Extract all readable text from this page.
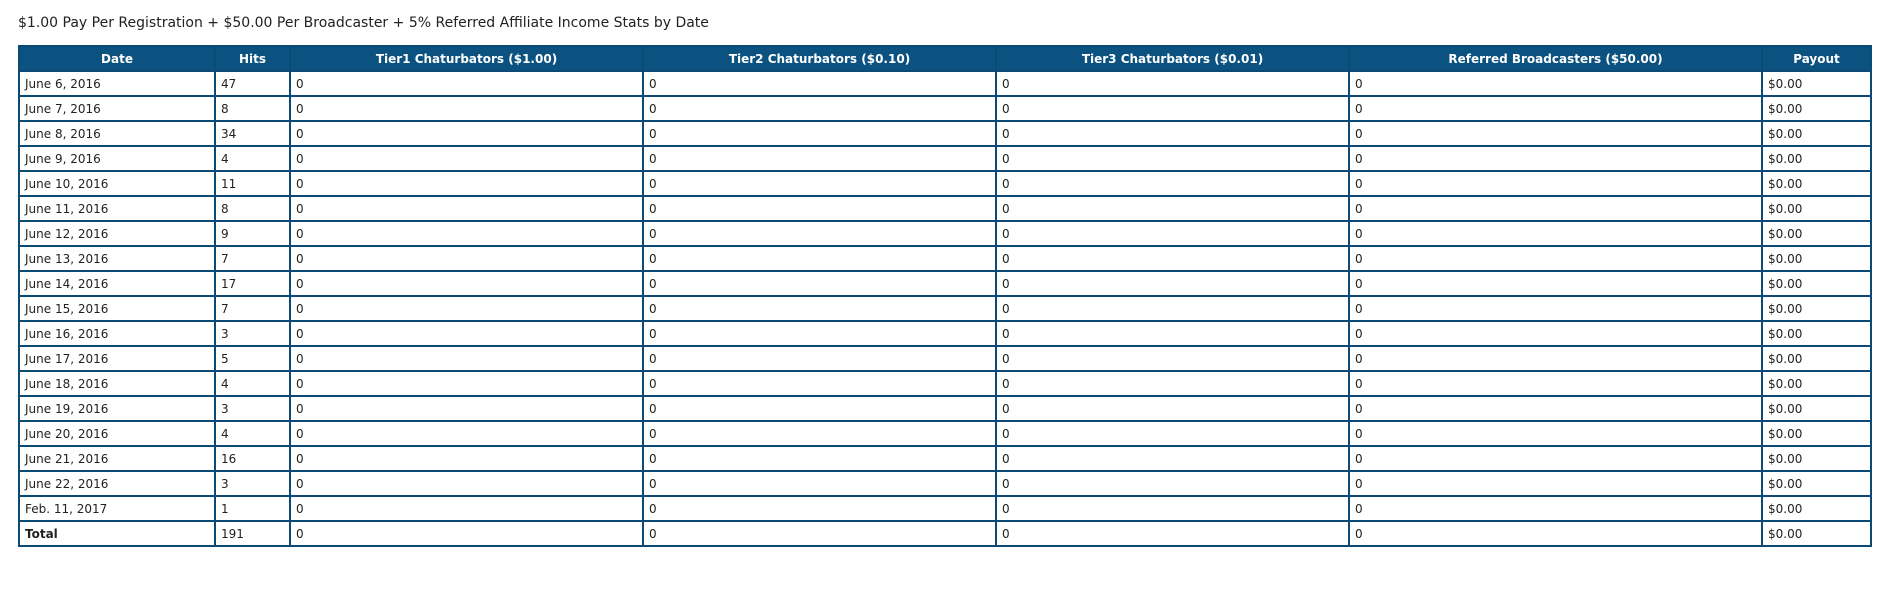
$1.00 Pay Per Registration + $50.00 Per Broadcaster + 5% Referred Affiliate Income Stats by Date
Date	Hits	Tier1 Chaturbators ($1.00)	Tier2 Chaturbators ($0.10)	Tier3 Chaturbators ($0.01)	Referred Broadcasters ($50.00)	Payout
June 6, 2016	47	0	0	0	0	$0.00
June 7, 2016	8	0	0	0	0	$0.00
June 8, 2016	34	0	0	0	0	$0.00
June 9, 2016	4	0	0	0	0	$0.00
June 10, 2016	11	0	0	0	0	$0.00
June 11, 2016	8	0	0	0	0	$0.00
June 12, 2016	9	0	0	0	0	$0.00
June 13, 2016	7	0	0	0	0	$0.00
June 14, 2016	17	0	0	0	0	$0.00
June 15, 2016	7	0	0	0	0	$0.00
June 16, 2016	3	0	0	0	0	$0.00
June 17, 2016	5	0	0	0	0	$0.00
June 18, 2016	4	0	0	0	0	$0.00
June 19, 2016	3	0	0	0	0	$0.00
June 20, 2016	4	0	0	0	0	$0.00
June 21, 2016	16	0	0	0	0	$0.00
June 22, 2016	3	0	0	0	0	$0.00
Feb. 11, 2017	1	0	0	0	0	$0.00
Total	191	0	0	0	0	$0.00
